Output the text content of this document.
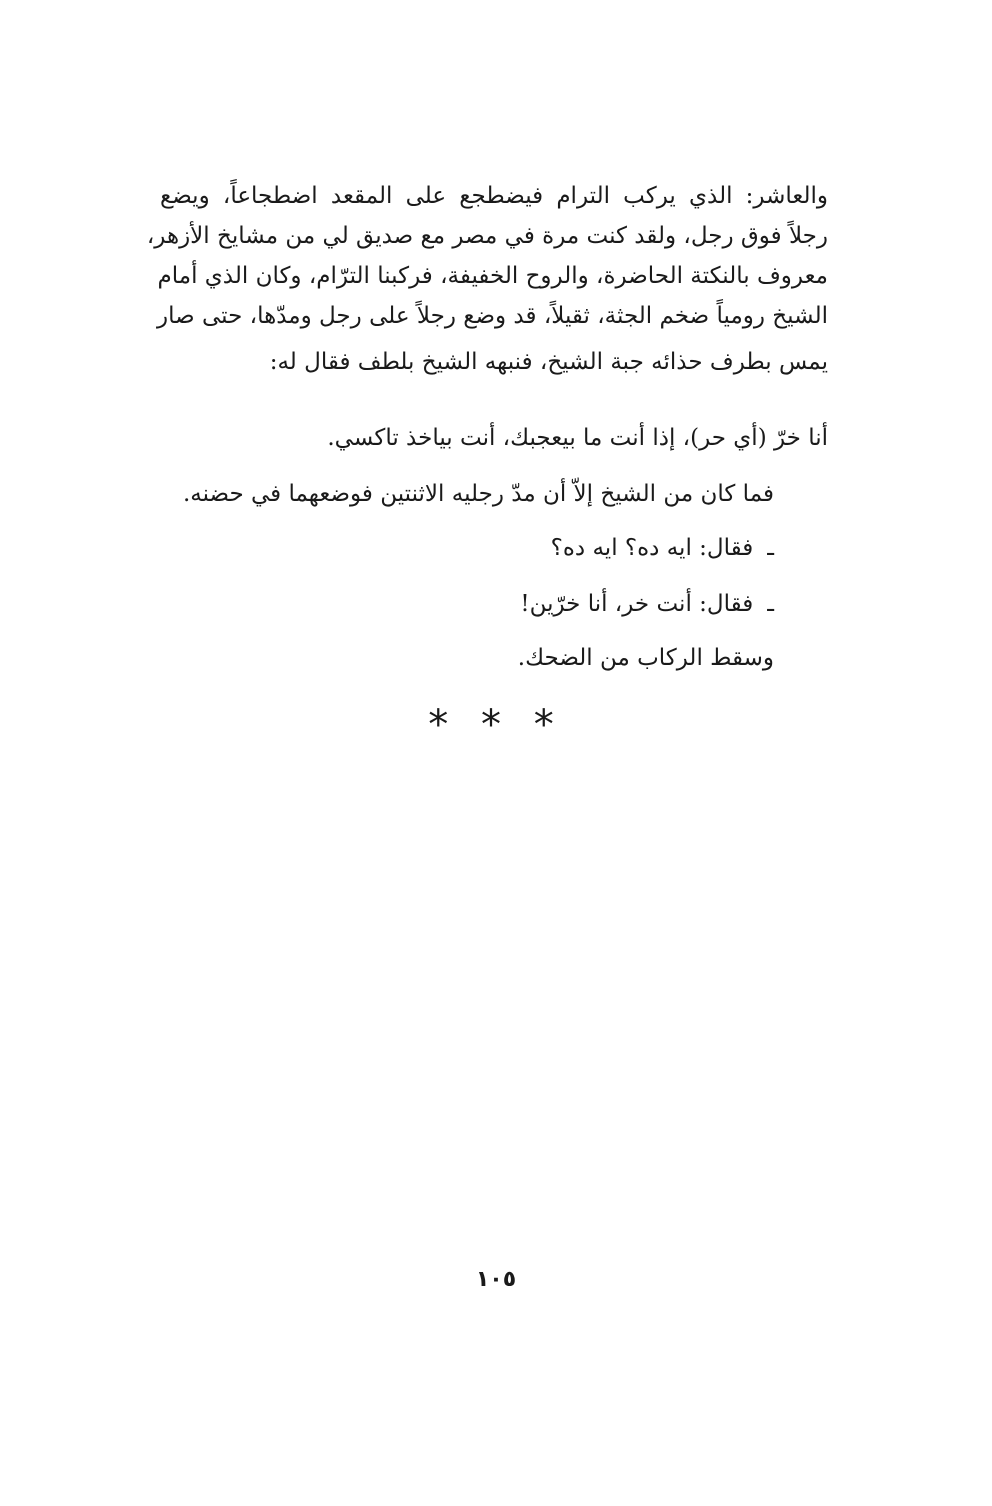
والعاشر: الذي يركب الترام فيضطجع على المقعد اضطجاعاً، ويضع

رجلاً فوق رجل، ولقد كنت مرة في مصر مع صديق لي من مشايخ الأزهر،

معروف بالنكتة الحاضرة، والروح الخفيفة، فركبنا الترّام، وكان الذي أمام

الشيخ رومياً ضخم الجثة، ثقيلاً، قد وضع رجلاً على رجل ومدّها، حتى صار

يمس بطرف حذائه جبة الشيخ، فنبهه الشيخ بلطف فقال له:

أنا خرّ (أي حر)، إذا أنت ما بيعجبك، أنت بياخذ تاكسي.

فما كان من الشيخ إلاّ أن مدّ رجليه الاثنتين فوضعهما في حضنه.

ـفقال: ايه ده؟ ايه ده؟

ـفقال: أنت خر، أنا خرّين!

وسقط الركاب من الضحك.

* * *
١٠٥
